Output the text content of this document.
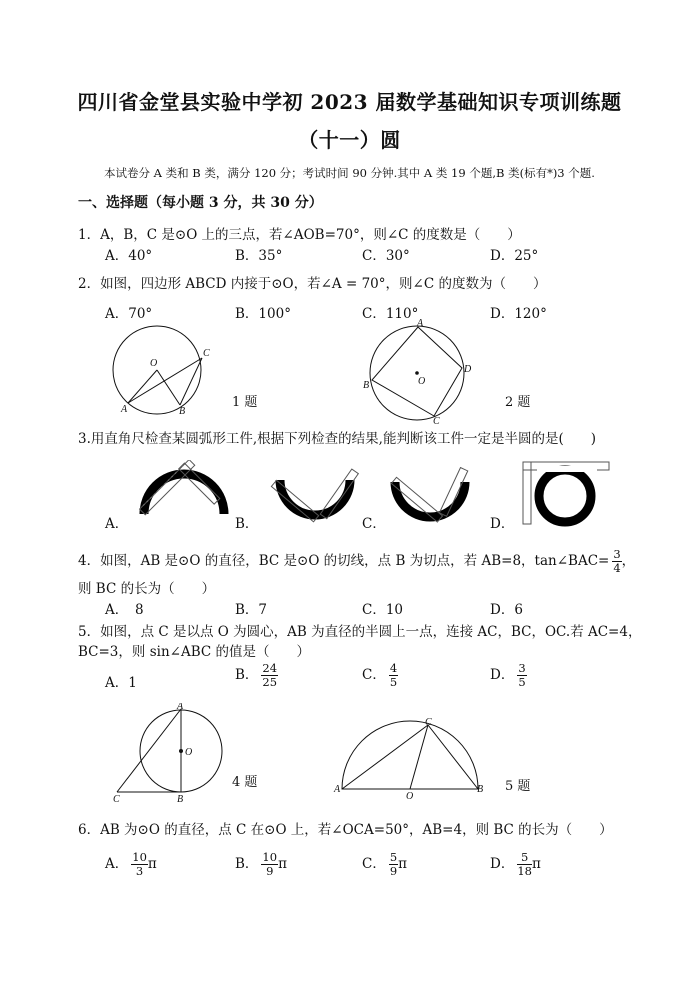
四川省金堂县实验中学初 2023 届数学基础知识专项训练题
（十一）圆
本试卷分 A 类和 B 类，满分 120 分；考试时间 90 分钟.其中 A 类 19 个题,B 类(标有*)3 个题.
一、选择题（每小题 3 分，共 30 分）
1．A，B，C 是⊙O 上的三点，若∠AOB=70°，则∠C 的度数是（　　）
A．40°	B．35°	C．30°	D．25°
2．如图，四边形 ABCD 内接于⊙O，若∠A = 70°，则∠C 的度数为（　　）
A．70°	B．100°	C．110°	D．120°
O
A	B
C
1 题
A
D
C
B	O
2 题
3.用直角尺检查某圆弧形工件,根据下列检查的结果,能判断该工件一定是半圆的是(　　)
A．	B．	C．	D．
4．如图，AB 是⊙O 的直径，BC 是⊙O 的切线，点 B 为切点，若 AB=8，tan∠BAC= $\frac{3}{4}$ ，
则 BC 的长为（　　）
A．　8	B．7	C．10	D．6
5．如图，点 C 是以点 O 为圆心，AB 为直径的半圆上一点，连接 AC，BC，OC.若 AC=4，
BC=3，则 sin∠ABC 的值是（　　）
A．1	B． $\frac{24}{25}$	C． $\frac{4}{5}$	D． $\frac{3}{5}$
A
O
C	B
4 题
C
A
O
B 5 题
6．AB 为⊙O 的直径，点 C 在⊙O 上，若∠OCA=50°，AB=4，则 BC 的长为（　　）
A． $\frac{10}{3}$ π	B． $\frac{10}{9}$ π	C． $\frac{5}{9}$ π	D． $\frac{5}{18}$ π
